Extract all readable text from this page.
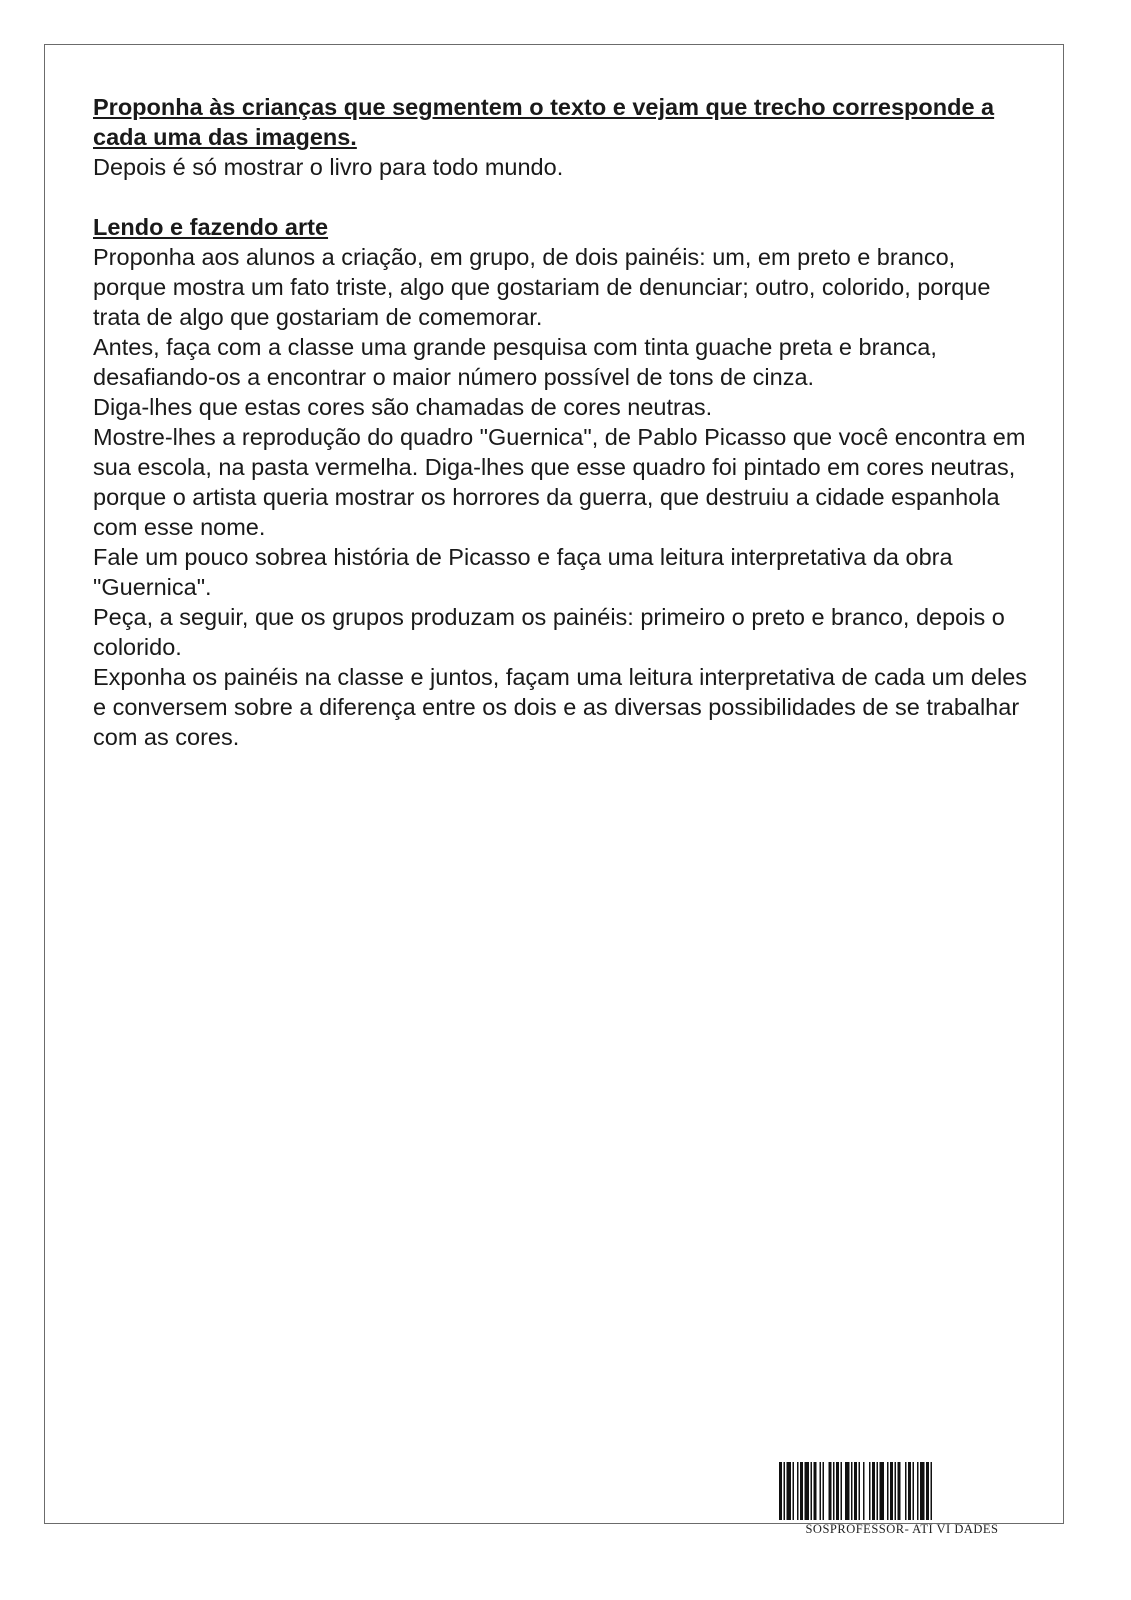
Proponha às crianças que segmentem o texto e vejam que trecho corresponde a cada uma das imagens.

Depois é só mostrar o livro para todo mundo.

Lendo e fazendo arte

Proponha aos alunos a criação, em grupo, de dois painéis: um, em preto e branco, porque mostra um fato triste, algo que gostariam de denunciar; outro, colorido, porque trata de algo que gostariam de comemorar.

Antes, faça com a classe uma grande pesquisa com tinta guache preta e branca, desafiando-os a encontrar o maior número possível de tons de cinza.

Diga-lhes que estas cores são chamadas de cores neutras.

Mostre-lhes a reprodução do quadro "Guernica", de Pablo Picasso que você encontra em sua escola, na pasta vermelha. Diga-lhes que esse quadro foi pintado em cores neutras, porque o artista queria mostrar os horrores da guerra, que destruiu a cidade espanhola com esse nome.

Fale um pouco sobrea história de Picasso e faça uma leitura interpretativa da obra "Guernica".

Peça, a seguir, que os grupos produzam os painéis: primeiro o preto e branco, depois o colorido.

Exponha os painéis na classe e juntos, façam uma leitura interpretativa de cada um deles e conversem sobre a diferença entre os dois e as diversas possibilidades de se trabalhar com as cores.

SOSPROFESSOR- ATI VI DADES
